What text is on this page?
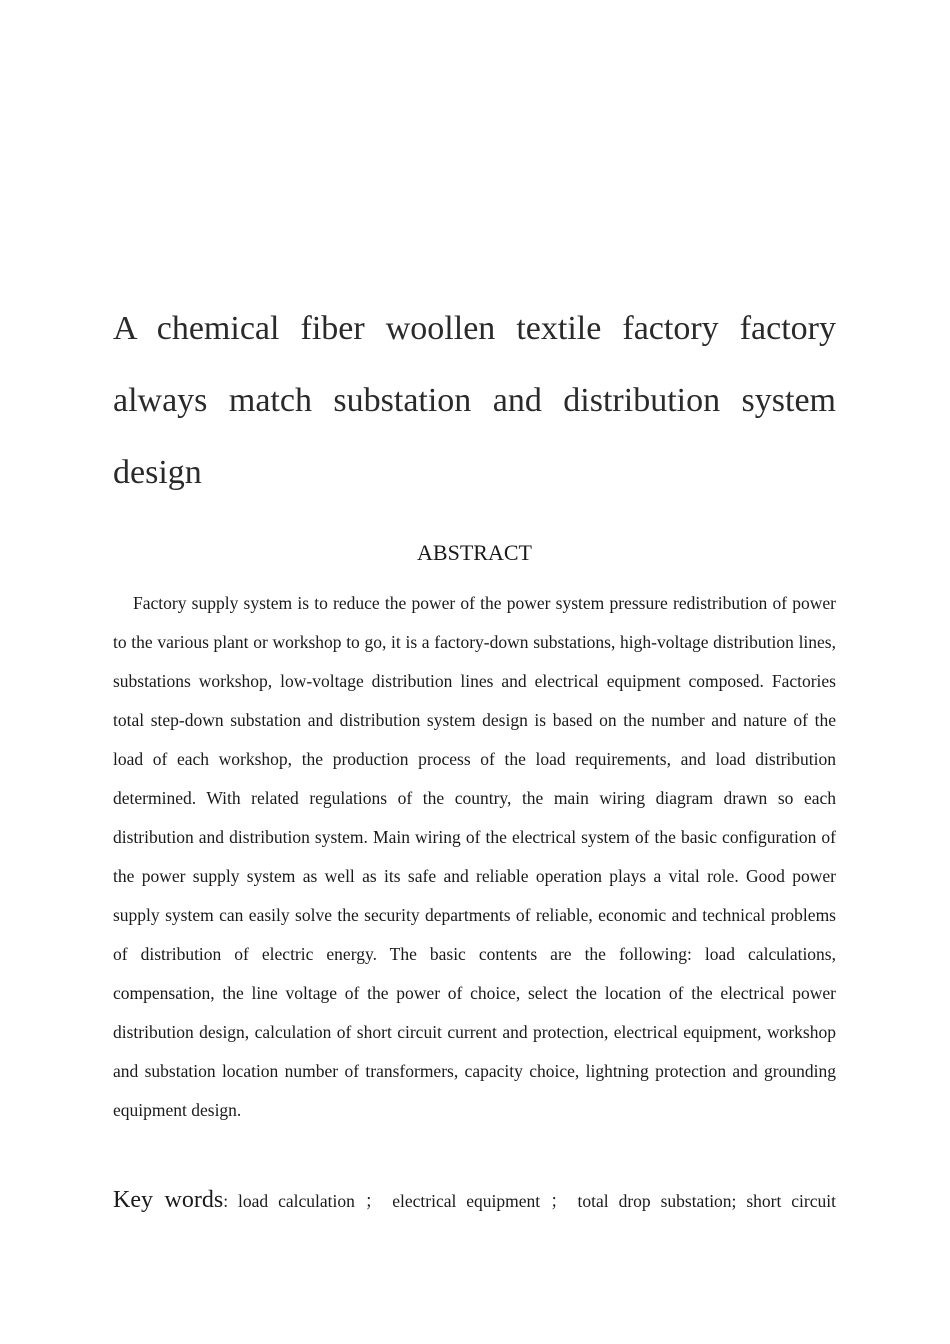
A chemical fiber woollen textile factory factory always match substation and distribution system design
ABSTRACT

Factory supply system is to reduce the power of the power system pressure redistribution of power to the various plant or workshop to go, it is a factory-down substations, high-voltage distribution lines, substations workshop, low-voltage distribution lines and electrical equipment composed. Factories total step-down substation and distribution system design is based on the number and nature of the load of each workshop, the production process of the load requirements, and load distribution determined. With related regulations of the country, the main wiring diagram drawn so each distribution and distribution system. Main wiring of the electrical system of the basic configuration of the power supply system as well as its safe and reliable operation plays a vital role. Good power supply system can easily solve the security departments of reliable, economic and technical problems of distribution of electric energy. The basic contents are the following: load calculations, compensation, the line voltage of the power of choice, select the location of the electrical power distribution design, calculation of short circuit current and protection, electrical equipment, workshop and substation location number of transformers, capacity choice, lightning protection and grounding equipment design.

Key words: load calculation ； electrical equipment ； total drop substation; short circuit
